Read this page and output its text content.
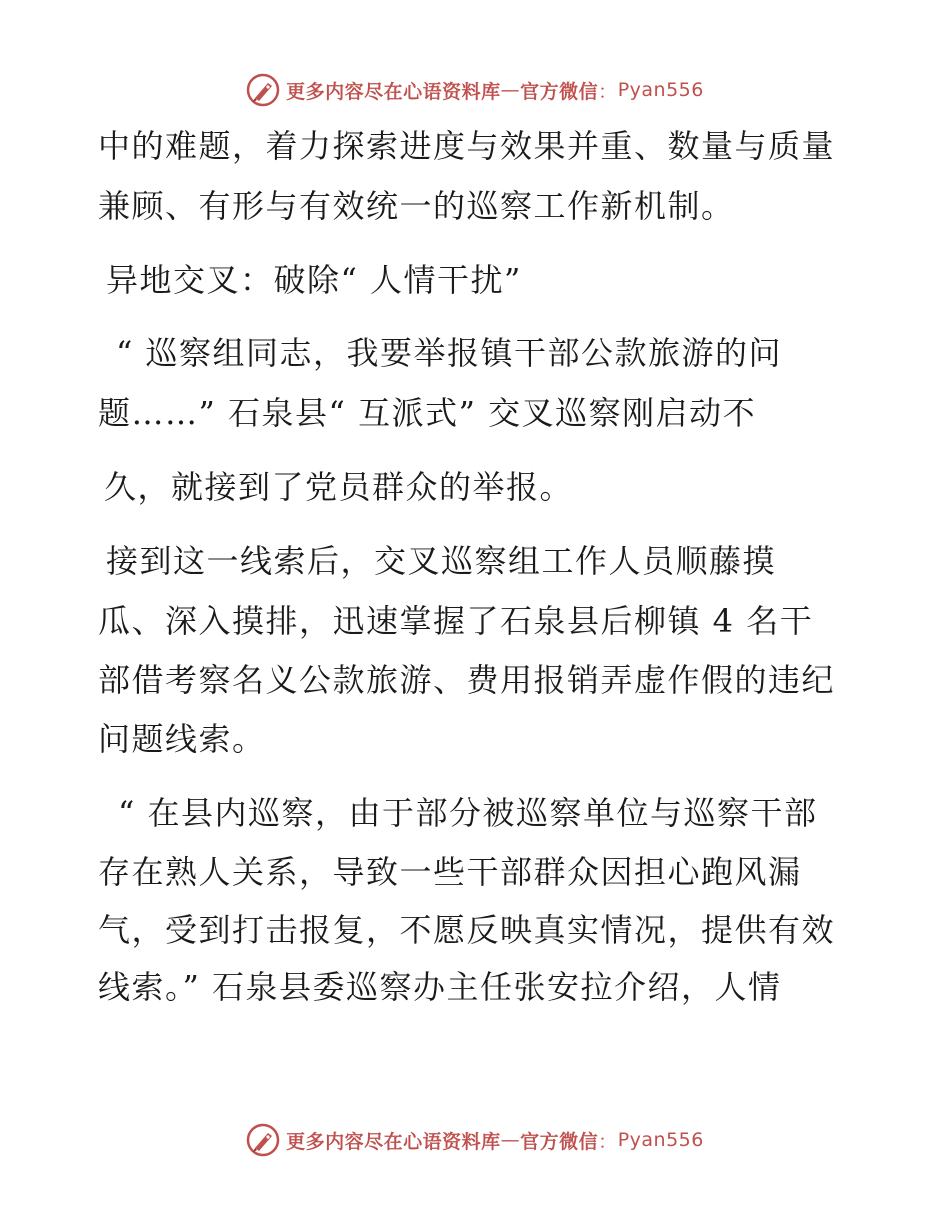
更多内容尽在心语资料库 — 官方微信 ： Pyan556
中的难题，着力探索进度与效果并重、数量与质量
兼顾、有形与有效统一的巡察工作新机制。
异地交叉：破除“ 人情干扰”
“ 巡察组同志，我要举报镇干部公款旅游的问
题……” 石泉县“ 互派式” 交叉巡察刚启动不
久，就接到了党员群众的举报。
接到这一线索后，交叉巡察组工作人员顺藤摸
瓜、深入摸排，迅速掌握了石泉县后柳镇 4 名干
部借考察名义公款旅游、费用报销弄虚作假的违纪
问题线索。
“ 在县内巡察，由于部分被巡察单位与巡察干部
存在熟人关系，导致一些干部群众因担心跑风漏
气，受到打击报复，不愿反映真实情况，提供有效
线索。” 石泉县委巡察办主任张安拉介绍，人情
更多内容尽在心语资料库 — 官方微信 ： Pyan556
